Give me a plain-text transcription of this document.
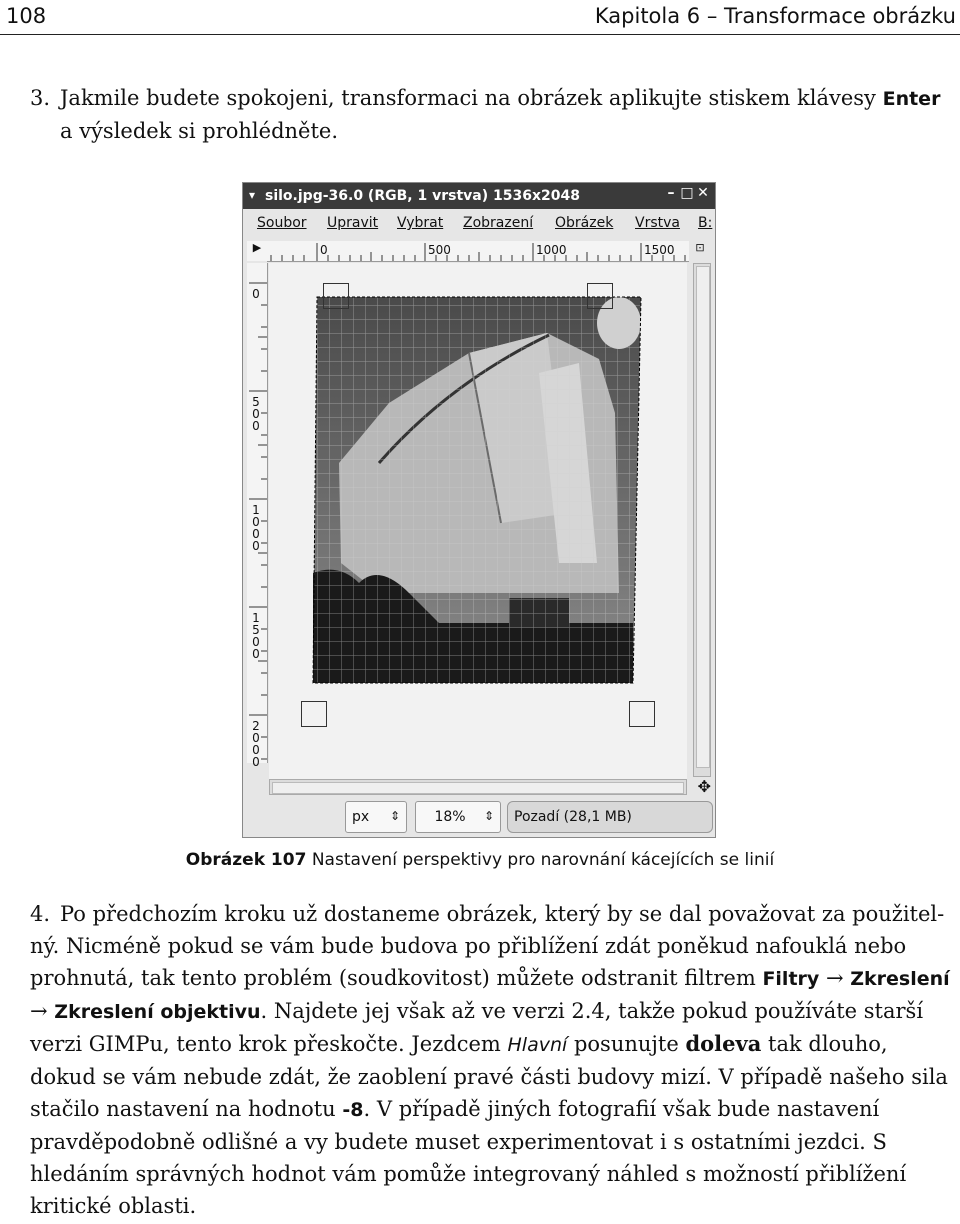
108	Kapitola 6 – Transformace obrázku
3. Jakmile budete spokojeni, transformaci na obrázek aplikujte stiskem klávesy Enter
a výsledek si prohlédněte.
▾ silo.jpg-36.0 (RGB, 1 vrstva) 1536x2048	– □ ✕
Soubor Upravit Vybrat Zobrazení Obrázek Vrstva B:
▶	0	500	1000	1500	⊡
0
500
1000
1500
2000
✥
px ⇕	18% ⇕	Pozadí (28,1 MB)
Obrázek 107 Nastavení perspektivy pro narovnání kácejících se linií
4. Po předchozím kroku už dostaneme obrázek, který by se dal považovat za použitel-ný. Nicméně pokud se vám bude budova po přiblížení zdát poněkud nafouklá nebo prohnutá, tak tento problém (soudkovitost) můžete odstranit filtrem Filtry → Zkreslení → Zkreslení objektivu. Najdete jej však až ve verzi 2.4, takže pokud používáte starší verzi GIMPu, tento krok přeskočte. Jezdcem Hlavní posunujte doleva tak dlouho, dokud se vám nebude zdát, že zaoblení pravé části budovy mizí. V případě našeho sila stačilo nastavení na hodnotu -8. V případě jiných fotografií však bude nastavení pravděpodobně odlišné a vy budete muset experimentovat i s ostatními jezdci. S hledáním správných hodnot vám pomůže integrovaný náhled s možností přiblížení kritické oblasti.
